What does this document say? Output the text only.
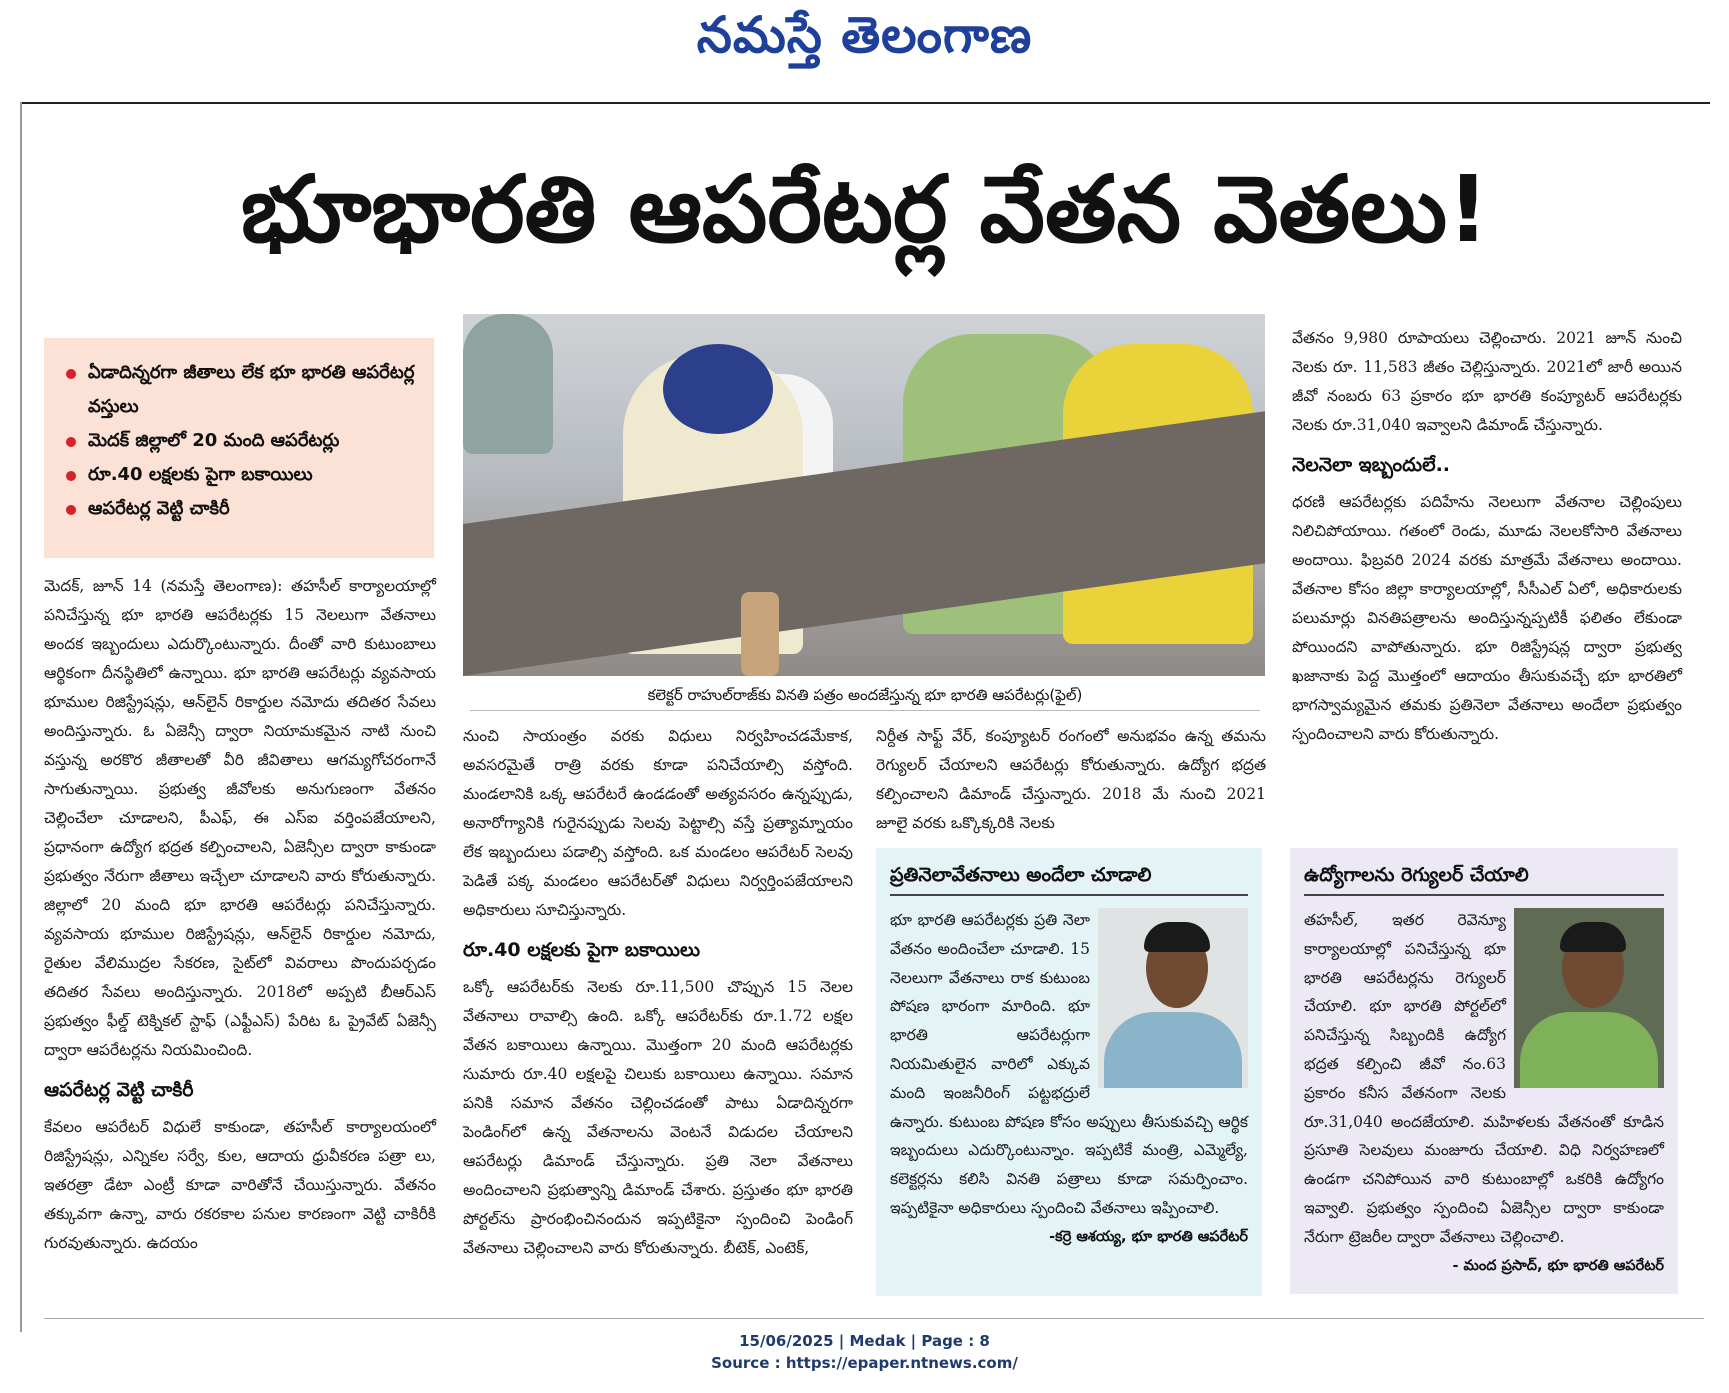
నమస్తే తెలంగాణ
భూభారతి ఆపరేటర్ల వేతన వెతలు!
ఏడాదిన్నరగా జీతాలు లేక భూ భారతి ఆపరేటర్ల వస్తులు
మెదక్ జిల్లాలో 20 మంది ఆపరేటర్లు
రూ.40 లక్షలకు పైగా బకాయిలు
ఆపరేటర్ల వెట్టి చాకిరీ
కలెక్టర్ రాహుల్‌రాజ్‌కు వినతి పత్రం అందజేస్తున్న భూ భారతి ఆపరేటర్లు(ఫైల్)

మెదక్, జూన్ 14 (నమస్తే తెలంగాణ): తహసీల్ కార్యాలయాల్లో పనిచేస్తున్న భూ భారతి ఆపరేటర్లకు 15 నెలలుగా వేతనాలు అందక ఇబ్బందులు ఎదుర్కొంటున్నారు. దీంతో వారి కుటుంబాలు ఆర్థికంగా దీనస్థితిలో ఉన్నాయి. భూ భారతి ఆపరేటర్లు వ్యవసాయ భూముల రిజిస్ట్రేషన్లు, ఆన్‌లైన్ రికార్డుల నమోదు తదితర సేవలు అందిస్తున్నారు. ఓ ఏజెన్సీ ద్వారా నియామకమైన నాటి నుంచి వస్తున్న అరకొర జీతాలతో వీరి జీవితాలు ఆగమ్యగోచరంగానే సాగుతున్నాయి. ప్రభుత్వ జీవోలకు అనుగుణంగా వేతనం చెల్లించేలా చూడాలని, పీఎఫ్, ఈ ఎస్ఐ వర్తింపజేయాలని, ప్రధానంగా ఉద్యోగ భద్రత కల్పించాలని, ఏజెన్సీల ద్వారా కాకుండా ప్రభుత్వం నేరుగా జీతాలు ఇచ్చేలా చూడాలని వారు కోరుతున్నారు. జిల్లాలో 20 మంది భూ భారతి ఆపరేటర్లు పనిచేస్తున్నారు. వ్యవసాయ భూముల రిజిస్ట్రేషన్లు, ఆన్‌లైన్ రికార్డుల నమోదు, రైతుల వేలిముద్రల సేకరణ, సైట్‌లో వివరాలు పొందుపర్చడం తదితర సేవలు అందిస్తున్నారు. 2018లో అప్పటి బీఆర్ఎస్ ప్రభుత్వం ఫీల్డ్ టెక్నికల్ స్టాఫ్ (ఎఫ్టీఎస్) పేరిట ఓ ప్రైవేట్ ఏజెన్సీ ద్వారా ఆపరేటర్లను నియమించింది.

ఆపరేటర్ల వెట్టి చాకిరీ

కేవలం ఆపరేటర్ విధులే కాకుండా, తహసీల్ కార్యాలయంలో రిజిస్ట్రేషన్లు, ఎన్నికల సర్వే, కుల, ఆదాయ ధ్రువీకరణ పత్రా లు, ఇతరత్రా డేటా ఎంట్రీ కూడా వారితోనే చేయిస్తున్నారు. వేతనం తక్కువగా ఉన్నా, వారు రకరకాల పనుల కారణంగా వెట్టి చాకిరీకి గురవుతున్నారు. ఉదయం

నుంచి సాయంత్రం వరకు విధులు నిర్వహించడమేకాక, అవసరమైతే రాత్రి వరకు కూడా పనిచేయాల్సి వస్తోంది. మండలానికి ఒక్క ఆపరేటరే ఉండడంతో అత్యవసరం ఉన్నప్పుడు, అనారోగ్యానికి గురైనప్పుడు సెలవు పెట్టాల్సి వస్తే ప్రత్యామ్నాయం లేక ఇబ్బందులు పడాల్సి వస్తోంది. ఒక మండలం ఆపరేటర్ సెలవు పెడితే పక్క మండలం ఆపరేటర్‌తో విధులు నిర్వర్తింపజేయాలని అధికారులు సూచిస్తున్నారు.

రూ.40 లక్షలకు పైగా బకాయిలు

ఒక్కో ఆపరేటర్‌కు నెలకు రూ.11,500 చొప్పున 15 నెలల వేతనాలు రావాల్సి ఉంది. ఒక్కో ఆపరేటర్‌కు రూ.1.72 లక్షల వేతన బకాయిలు ఉన్నాయి. మొత్తంగా 20 మంది ఆపరేటర్లకు సుమారు రూ.40 లక్షలపై చిలుకు బకాయిలు ఉన్నాయి. సమాన పనికి సమాన వేతనం చెల్లించడంతో పాటు ఏడాదిన్నరగా పెండింగ్‌లో ఉన్న వేతనాలను వెంటనే విడుదల చేయాలని ఆపరేటర్లు డిమాండ్ చేస్తున్నారు. ప్రతి నెలా వేతనాలు అందించాలని ప్రభుత్వాన్ని డిమాండ్ చేశారు. ప్రస్తుతం భూ భారతి పోర్టల్‌ను ప్రారంభించినందున ఇప్పటికైనా స్పందించి పెండింగ్ వేతనాలు చెల్లించాలని వారు కోరుతున్నారు. బీటెక్, ఎంటెక్,

నిర్దీత సాఫ్ట్ వేర్, కంప్యూటర్ రంగంలో అనుభవం ఉన్న తమను రెగ్యులర్ చేయాలని ఆపరేటర్లు కోరుతున్నారు. ఉద్యోగ భద్రత కల్పించాలని డిమాండ్ చేస్తున్నారు. 2018 మే నుంచి 2021 జూలై వరకు ఒక్కొక్కరికి నెలకు

వేతనం 9,980 రూపాయలు చెల్లించారు. 2021 జూన్ నుంచి నెలకు రూ. 11,583 జీతం చెల్లిస్తున్నారు. 2021లో జారీ అయిన జీవో నంబరు 63 ప్రకారం భూ భారతి కంప్యూటర్ ఆపరేటర్లకు నెలకు రూ.31,040 ఇవ్వాలని డిమాండ్ చేస్తున్నారు.

నెలనెలా ఇబ్బందులే..

ధరణి ఆపరేటర్లకు పదిహేను నెలలుగా వేతనాల చెల్లింపులు నిలిచిపోయాయి. గతంలో రెండు, మూడు నెలలకోసారి వేతనాలు అందాయి. ఫిబ్రవరి 2024 వరకు మాత్రమే వేతనాలు అందాయి. వేతనాల కోసం జిల్లా కార్యాలయాల్లో, సీసీఎల్ ఏలో, అధికారులకు పలుమార్లు వినతిపత్రాలను అందిస్తున్నప్పటికీ ఫలితం లేకుండా పోయిందని వాపోతున్నారు. భూ రిజిస్ట్రేషన్ల ద్వారా ప్రభుత్వ ఖజానాకు పెద్ద మొత్తంలో ఆదాయం తీసుకువచ్చే భూ భారతిలో భాగస్వామ్యమైన తమకు ప్రతినెలా వేతనాలు అందేలా ప్రభుత్వం స్పందించాలని వారు కోరుతున్నారు.

ప్రతినెలావేతనాలు అందేలా చూడాలి
భూ భారతి ఆపరేటర్లకు ప్రతి నెలా వేతనం అందించేలా చూడాలి. 15 నెలలుగా వేతనాలు రాక కుటుంబ పోషణ భారంగా మారింది. భూ భారతి ఆపరేటర్లుగా నియమితులైన వారిలో ఎక్కువ మంది ఇంజనీరింగ్ పట్టభద్రులే ఉన్నారు. కుటుంబ పోషణ కోసం అప్పులు తీసుకువచ్చి ఆర్థిక ఇబ్బందులు ఎదుర్కొంటున్నాం. ఇప్పటికే మంత్రి, ఎమ్మెల్యే, కలెక్టర్లను కలిసి వినతి పత్రాలు కూడా సమర్పించాం. ఇప్పటికైనా అధికారులు స్పందించి వేతనాలు ఇప్పించాలి.
-కర్రె ఆశయ్య, భూ భారతి ఆపరేటర్
ఉద్యోగాలను రెగ్యులర్ చేయాలి
తహసీల్, ఇతర రెవెన్యూ కార్యాలయాల్లో పనిచేస్తున్న భూ భారతి ఆపరేటర్లను రెగ్యులర్ చేయాలి. భూ భారతి పోర్టల్‌లో పనిచేస్తున్న సిబ్బందికి ఉద్యోగ భద్రత కల్పించి జీవో నం.63 ప్రకారం కనీస వేతనంగా నెలకు రూ.31,040 అందజేయాలి. మహిళలకు వేతనంతో కూడిన ప్రసూతి సెలవులు మంజూరు చేయాలి. విధి నిర్వహణలో ఉండగా చనిపోయిన వారి కుటుంబాల్లో ఒకరికి ఉద్యోగం ఇవ్వాలి. ప్రభుత్వం స్పందించి ఏజెన్సీల ద్వారా కాకుండా నేరుగా ట్రెజరీల ద్వారా వేతనాలు చెల్లించాలి.
- మంద ప్రసాద్, భూ భారతి ఆపరేటర్
15/06/2025 | Medak | Page : 8
Source : https://epaper.ntnews.com/
